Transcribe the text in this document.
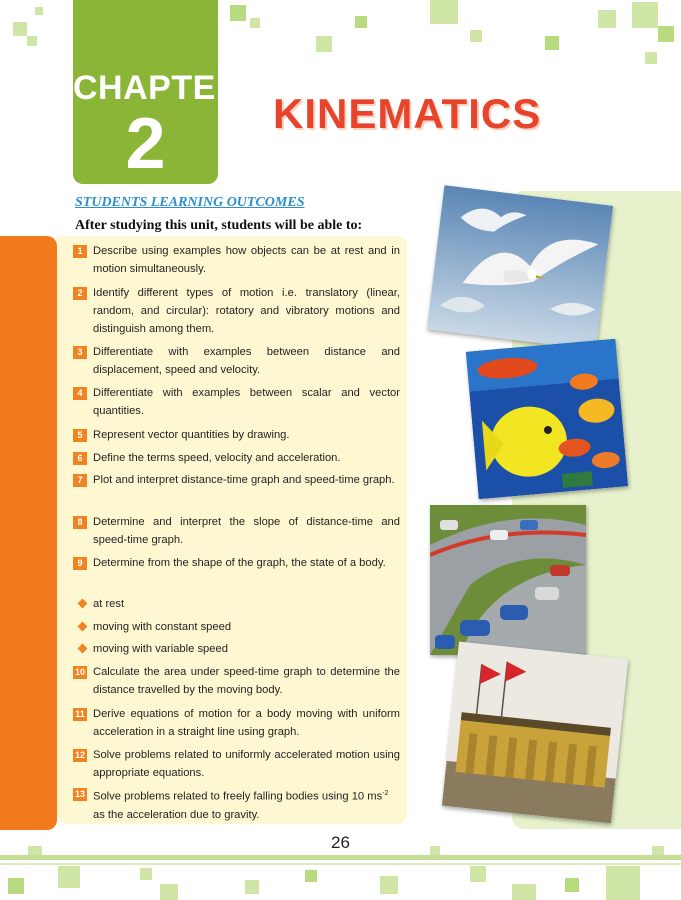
CHAPTER
2	KINEMATICS
STUDENTS LEARNING OUTCOMES
After studying this unit, students will be able to:
1 Describe using examples how objects can be at rest and in motion simultaneously.
2 Identify different types of motion i.e. translatory (linear, random, and circular): rotatory and vibratory motions and distinguish among them.
3 Differentiate with examples between distance and displacement, speed and velocity.
4 Differentiate with examples between scalar and vector quantities.
5 Represent vector quantities by drawing.
6 Define the terms speed, velocity and acceleration.
7 Plot and interpret distance-time graph and speed-time graph.
8 Determine and interpret the slope of distance-time and speed-time graph.
9 Determine from the shape of the graph, the state of a body.
at rest
moving with constant speed
moving with variable speed
10 Calculate the area under speed-time graph to determine the distance travelled by the moving body.
11 Derive equations of motion for a body moving with uniform acceleration in a straight line using graph.
12 Solve problems related to uniformly accelerated motion using appropriate equations.
13 Solve problems related to freely falling bodies using 10 $ms^{-2}$ as the acceleration due to gravity.
26
